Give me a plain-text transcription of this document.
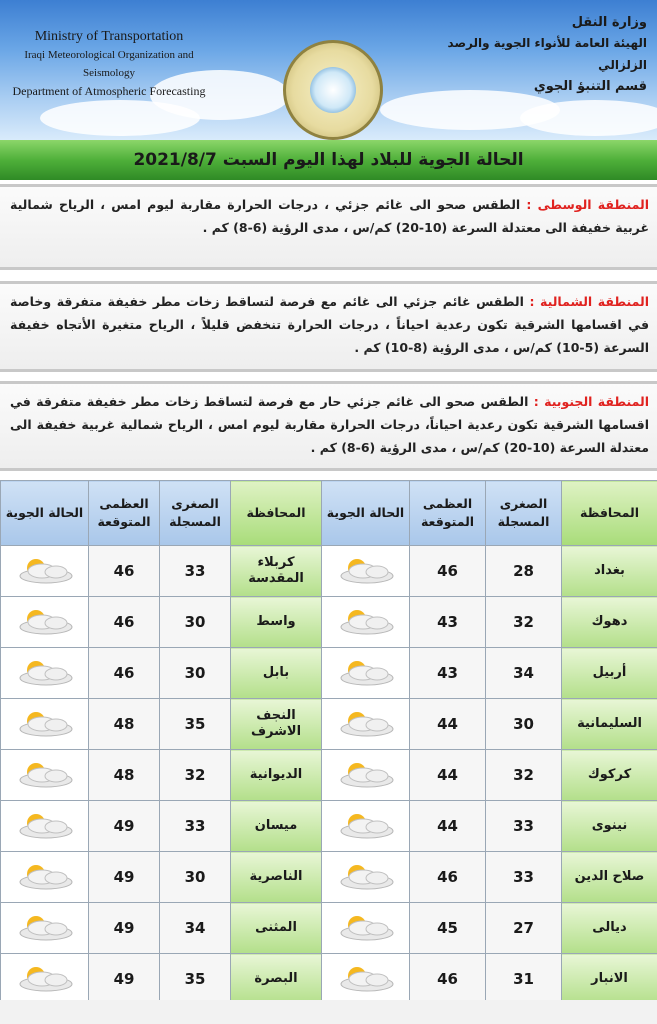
Ministry of Transportation
Iraqi Meteorological Organization and Seismology
Department of Atmospheric Forecasting
وزارة النقل
الهيئة العامة للأنواء الجوية والرصد الزلزالي
قسم التنبؤ الجوي
الحالة الجوية للبلاد لهذا اليوم السبت 2021/8/7
المنطقة الوسطى : الطقس صحو الى غائم جزئي ، درجات الحرارة مقاربة ليوم امس ، الرياح شمالية غربية خفيفة الى معتدلة السرعة (10-20) كم/س ، مدى الرؤية (6-8) كم .
المنطقة الشمالية : الطقس غائم جزئي الى غائم مع فرصة لتساقط زخات مطر خفيفة متفرقة وخاصة في اقسامها الشرقية تكون رعدية احياناً ، درجات الحرارة تنخفض قليلاً ، الرياح متغيرة الأتجاه خفيفة السرعة (5-10) كم/س ، مدى الرؤية (8-10) كم .
المنطقة الجنوبية : الطقس صحو الى غائم جزئي حار مع فرصة لتساقط زخات مطر خفيفة متفرقة في اقسامها الشرقية تكون رعدية احياناً، درجات الحرارة مقاربة ليوم امس ، الرياح شمالية غربية خفيفة الى معتدلة السرعة (10-20) كم/س ، مدى الرؤية (6-8) كم .
الحالة الجوية	العظمى المتوقعة	الصغرى المسجلة	المحافظة	الحالة الجوية	العظمى المتوقعة	الصغرى المسجلة	المحافظة
	46	33	كربلاء المقدسة		46	28	بغداد
	46	30	واسط		43	32	دهوك
	46	30	بابل		43	34	أربيل
	48	35	النجف الاشرف		44	30	السليمانية
	48	32	الديوانية		44	32	كركوك
	49	33	ميسان		44	33	نينوى
	49	30	الناصرية		46	33	صلاح الدين
	49	34	المثنى		45	27	ديالى
	49	35	البصرة		46	31	الانبار
